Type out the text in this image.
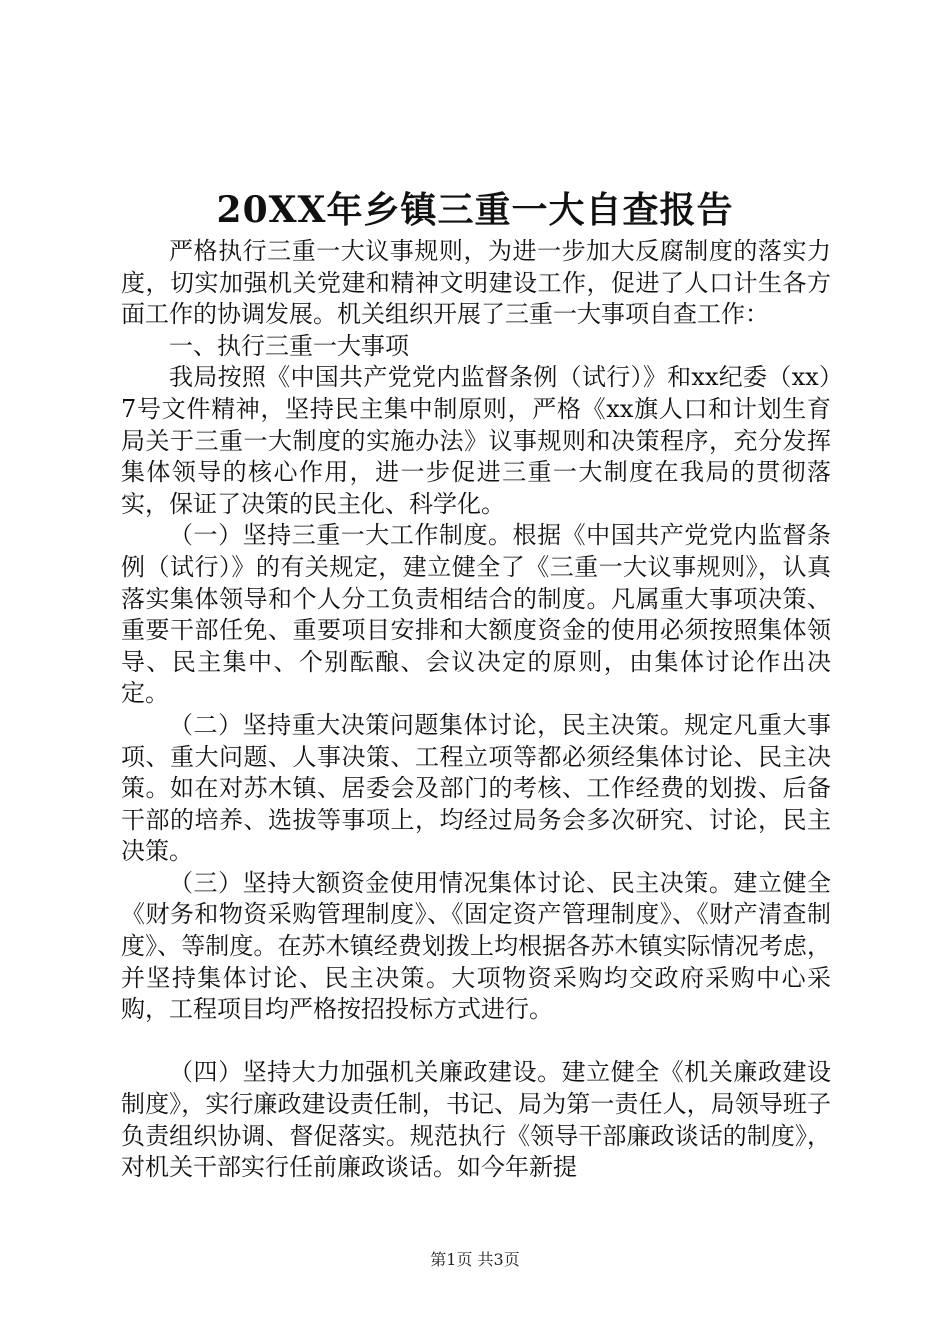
20XX年乡镇三重一大自查报告

严格执行三重一大议事规则，为进一步加大反腐制度的落实力度，切实加强机关党建和精神文明建设工作，促进了人口计生各方面工作的协调发展。机关组织开展了三重一大事项自查工作：

一、执行三重一大事项

我局按照《中国共产党党内监督条例（试行）》和xx纪委（xx）7号文件精神，坚持民主集中制原则，严格《xx旗人口和计划生育局关于三重一大制度的实施办法》议事规则和决策程序，充分发挥集体领导的核心作用，进一步促进三重一大制度在我局的贯彻落实，保证了决策的民主化、科学化。

（一）坚持三重一大工作制度。根据《中国共产党党内监督条例（试行）》的有关规定，建立健全了《三重一大议事规则》，认真落实集体领导和个人分工负责相结合的制度。凡属重大事项决策、重要干部任免、重要项目安排和大额度资金的使用必须按照集体领导、民主集中、个别酝酿、会议决定的原则，由集体讨论作出决定。

（二）坚持重大决策问题集体讨论，民主决策。规定凡重大事项、重大问题、人事决策、工程立项等都必须经集体讨论、民主决策。如在对苏木镇、居委会及部门的考核、工作经费的划拨、后备干部的培养、选拔等事项上，均经过局务会多次研究、讨论，民主决策。

（三）坚持大额资金使用情况集体讨论、民主决策。建立健全《财务和物资采购管理制度》、《固定资产管理制度》、《财产清查制度》、等制度。在苏木镇经费划拨上均根据各苏木镇实际情况考虑，并坚持集体讨论、民主决策。大项物资采购均交政府采购中心采购，工程项目均严格按招投标方式进行。

（四）坚持大力加强机关廉政建设。建立健全《机关廉政建设制度》，实行廉政建设责任制，书记、局为第一责任人，局领导班子负责组织协调、督促落实。规范执行《领导干部廉政谈话的制度》，对机关干部实行任前廉政谈话。如今年新提

第1页 共3页
